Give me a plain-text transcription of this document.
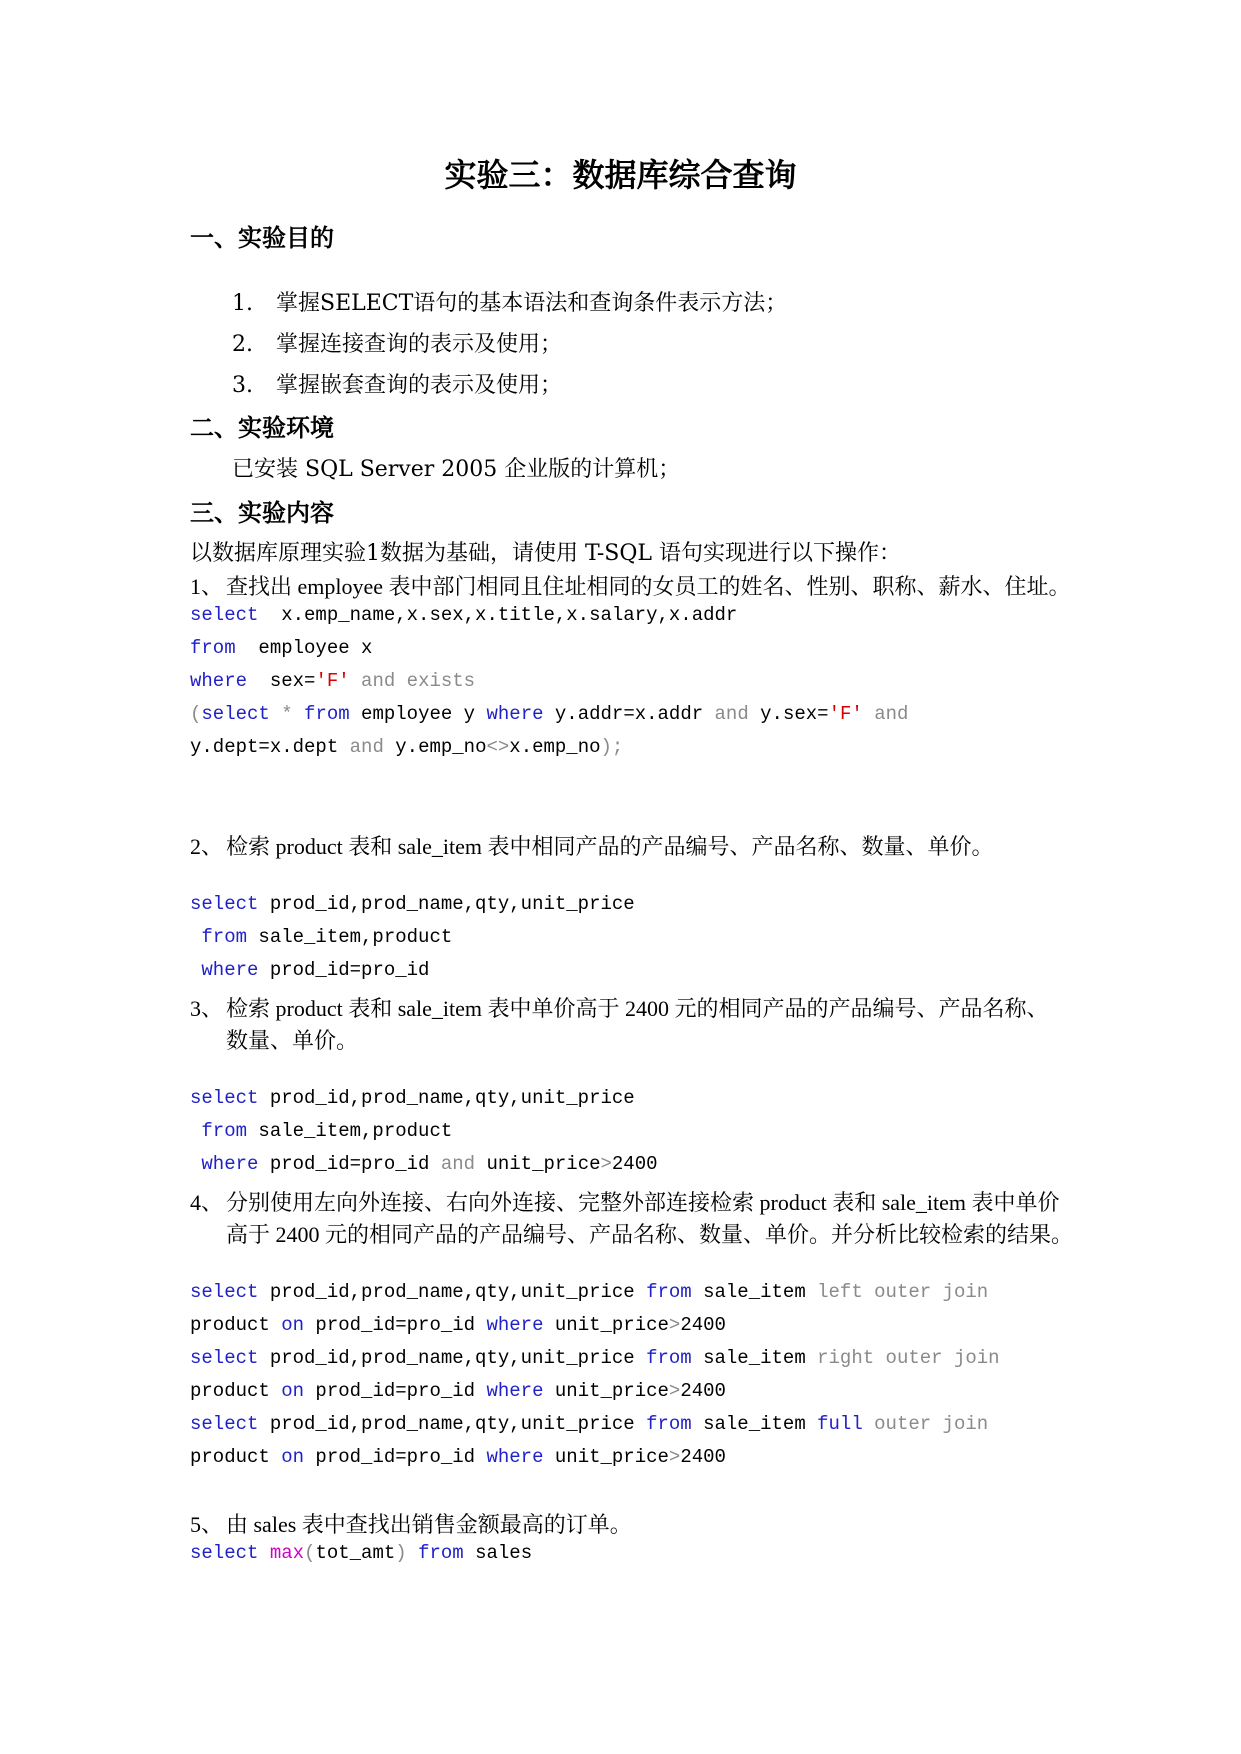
实验三：数据库综合查询
一、实验目的
1. 掌握SELECT语句的基本语法和查询条件表示方法；
2. 掌握连接查询的表示及使用；
3. 掌握嵌套查询的表示及使用；
二、实验环境
已安装 SQL Server 2005 企业版的计算机；
三、实验内容
以数据库原理实验1数据为基础，请使用 T-SQL 语句实现进行以下操作：
1、 查找出 employee 表中部门相同且住址相同的女员工的姓名、性别、职称、薪水、住址。
select  x.emp_name,x.sex,x.title,x.salary,x.addr
from  employee x
where  sex='F' and exists
(select * from employee y where y.addr=x.addr and y.sex='F' and
y.dept=x.dept and y.emp_no<>x.emp_no);
2、 检索 product 表和 sale_item 表中相同产品的产品编号、产品名称、数量、单价。
select prod_id,prod_name,qty,unit_price
from sale_item,product
where prod_id=pro_id
3、 检索 product 表和 sale_item 表中单价高于 2400 元的相同产品的产品编号、产品名称、
数量、单价。
select prod_id,prod_name,qty,unit_price
from sale_item,product
where prod_id=pro_id and unit_price>2400
4、 分别使用左向外连接、右向外连接、完整外部连接检索 product 表和 sale_item 表中单价
高于 2400 元的相同产品的产品编号、产品名称、数量、单价。并分析比较检索的结果。
select prod_id,prod_name,qty,unit_price from sale_item left outer join
product on prod_id=pro_id where unit_price>2400
select prod_id,prod_name,qty,unit_price from sale_item right outer join
product on prod_id=pro_id where unit_price>2400
select prod_id,prod_name,qty,unit_price from sale_item full outer join
product on prod_id=pro_id where unit_price>2400
5、 由 sales 表中查找出销售金额最高的订单。
select max(tot_amt) from sales
